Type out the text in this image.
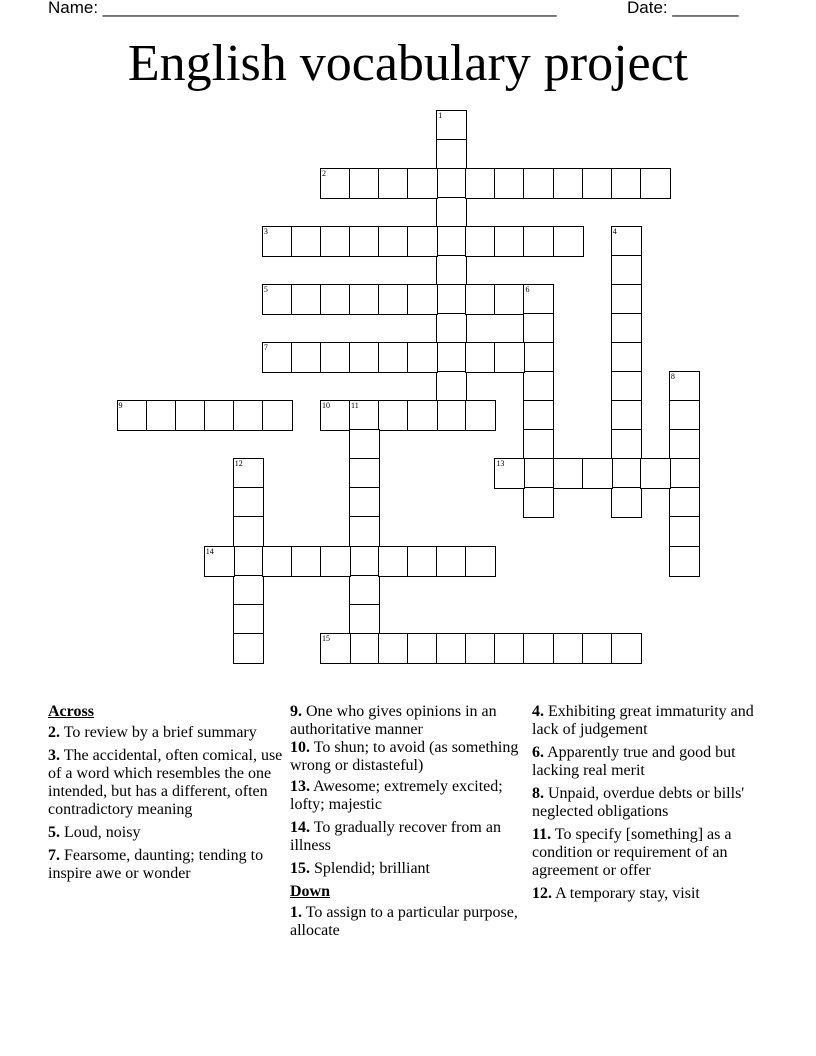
Name: ________________________________________________	Date: _______
English vocabulary project
1
2
3	4
5	6
7
8
9	10	11
12	13
14
15
Across
2. To review by a brief summary
3. The accidental, often comical, use of a word which resembles the one intended, but has a different, often contradictory meaning
5. Loud, noisy
7. Fearsome, daunting; tending to inspire awe or wonder
9. One who gives opinions in an authoritative manner
10. To shun; to avoid (as something wrong or distasteful)
13. Awesome; extremely excited; lofty; majestic
14. To gradually recover from an illness
15. Splendid; brilliant
Down
1. To assign to a particular purpose, allocate
4. Exhibiting great immaturity and lack of judgement
6. Apparently true and good but lacking real merit
8. Unpaid, overdue debts or bills' neglected obligations
11. To specify [something] as a condition or requirement of an agreement or offer
12. A temporary stay, visit
